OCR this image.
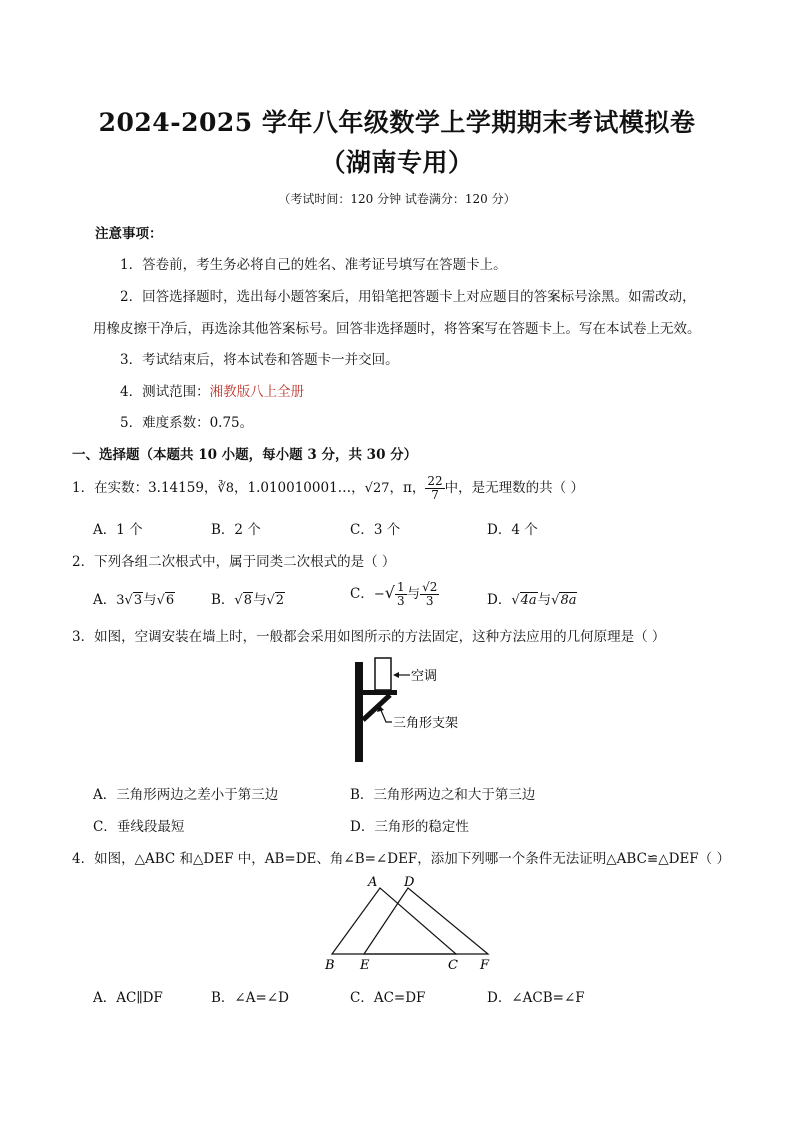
2024-2025 学年八年级数学上学期期末考试模拟卷
（湖南专用）
（考试时间：120 分钟 试卷满分：120 分）
注意事项：
1．答卷前，考生务必将自己的姓名、准考证号填写在答题卡上。
2．回答选择题时，选出每小题答案后，用铅笔把答题卡上对应题目的答案标号涂黑。如需改动，
用橡皮擦干净后，再选涂其他答案标号。回答非选择题时，将答案写在答题卡上。写在本试卷上无效。
3．考试结束后，将本试卷和答题卡一并交回。
4．测试范围：湘教版八上全册
5．难度系数：0.75。
一、选择题（本题共 10 小题，每小题 3 分，共 30 分）
1．在实数：3.14159，∛8，1.010010001…，√27，π， $\frac{22}{7}$ 中，是无理数的共（ ）
A．1 个	B．2 个	C．3 个	D．4 个
2．下列各组二次根式中，属于同类二次根式的是（ ）
A．3√3与√6	B．√8与√2	C．−√ $\frac{1}{3}$ 与 $\frac{√2}{3}$	D．√4a与√8a
3．如图，空调安装在墙上时，一般都会采用如图所示的方法固定，这种方法应用的几何原理是（ ）
空调
三角形支架
A．三角形两边之差小于第三边	B．三角形两边之和大于第三边
C．垂线段最短	D．三角形的稳定性
4．如图，△ABC 和△DEF 中，AB=DE、角∠B=∠DEF，添加下列哪一个条件无法证明△ABC≌△DEF（ ）
A D
B E	C F
A．AC∥DF	B．∠A=∠D	C．AC=DF	D．∠ACB=∠F
